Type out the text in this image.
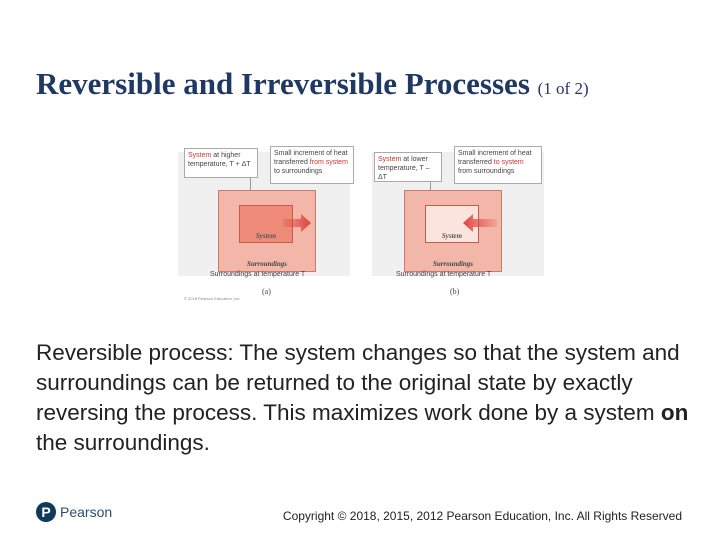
Reversible and Irreversible Processes (1 of 2)
System at higher temperature, T + ΔT
Small increment of heat transferred from system to surroundings
System
Surroundings
Surroundings at temperature T
(a)
System at lower temperature, T – ΔT
Small increment of heat transferred to system from surroundings
System
Surroundings
Surroundings at temperature T
(b)
© 2018 Pearson Education, Inc.
Reversible process: The system changes so that the system and surroundings can be returned to the original state by exactly reversing the process. This maximizes work done by a system on the surroundings.
P Pearson	Copyright © 2018, 2015, 2012 Pearson Education, Inc. All Rights Reserved
